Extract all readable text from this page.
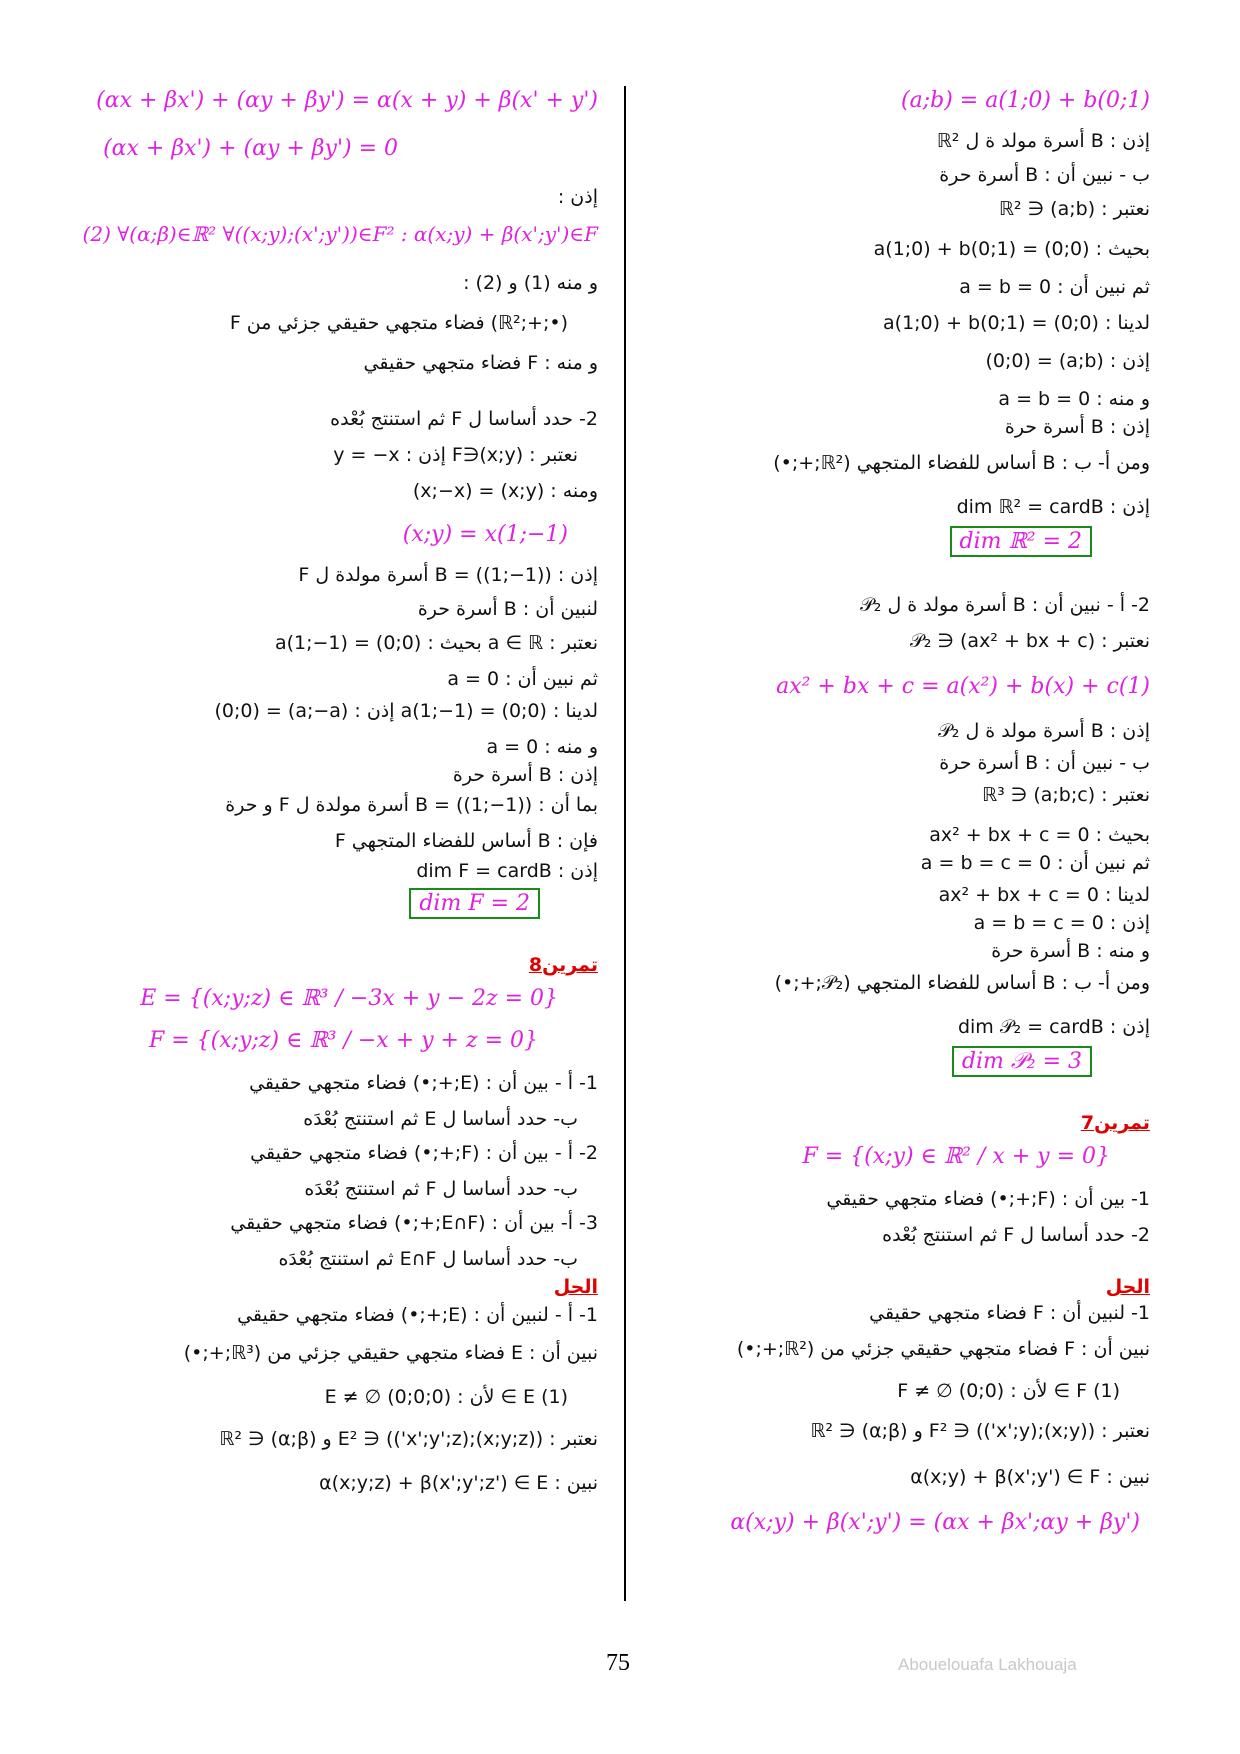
(a;b) = a(1;0) + b(0;1)
إذن : B أسرة مولد ة ل ℝ²
ب - نبين أن : B أسرة حرة
نعتبر : (a;b) ∈ ℝ²
بحيث : a(1;0) + b(0;1) = (0;0)
ثم نبين أن : a = b = 0
لدينا : a(1;0) + b(0;1) = (0;0)
إذن : (a;b) = (0;0)
و منه : a = b = 0
إذن : B أسرة حرة
ومن أ- ب : B أساس للفضاء المتجهي (ℝ²;+;•)
إذن : dim ℝ² = cardB
dim ℝ² = 2
2- أ - نبين أن : B أسرة مولد ة ل 𝒫₂
نعتبر : (ax² + bx + c) ∈ 𝒫₂
ax² + bx + c = a(x²) + b(x) + c(1)
إذن : B أسرة مولد ة ل 𝒫₂
ب - نبين أن : B أسرة حرة
نعتبر : (a;b;c) ∈ ℝ³
بحيث : ax² + bx + c = 0
ثم نبين أن : a = b = c = 0
لدينا : ax² + bx + c = 0
إذن : a = b = c = 0
و منه : B أسرة حرة
ومن أ- ب : B أساس للفضاء المتجهي (𝒫₂;+;•)
إذن : dim 𝒫₂ = cardB
dim 𝒫₂ = 3
تمرين7
F = {(x;y) ∈ ℝ² / x + y = 0}
1- بين أن : (F;+;•) فضاء متجهي حقيقي
2- حدد أساسا ل F ثم استنتج بُعْده
الحل
1- لنبين أن : F فضاء متجهي حقيقي
نبين أن : F فضاء متجهي حقيقي جزئي من (ℝ²;+;•)
F ≠ ∅ لأن : (0;0) ∈ F (1)
نعتبر : ((x;y);(x';y')) ∈ F² و (α;β) ∈ ℝ²
نبين : α(x;y) + β(x';y') ∈ F
α(x;y) + β(x';y') = (αx + βx';αy + βy')
(αx + βx') + (αy + βy') = α(x + y) + β(x' + y')
(αx + βx') + (αy + βy') = 0
إذن :
(2) ∀(α;β)∈ℝ² ∀((x;y);(x';y'))∈F² : α(x;y) + β(x';y')∈F
و منه (1) و (2) :
F فضاء متجهي حقيقي جزئي من (ℝ²;+;•)
و منه : F فضاء متجهي حقيقي
2- حدد أساسا ل F ثم استنتج بُعْده
نعتبر : (x;y)∈F إذن : y = −x
ومنه : (x;y) = (x;−x)
(x;y) = x(1;−1)
إذن : B = ((1;−1)) أسرة مولدة ل F
لنبين أن : B أسرة حرة
نعتبر : a ∈ ℝ بحيث : a(1;−1) = (0;0)
ثم نبين أن : a = 0
لدينا : a(1;−1) = (0;0) إذن : (a;−a) = (0;0)
و منه : a = 0
إذن : B أسرة حرة
بما أن : B = ((1;−1)) أسرة مولدة ل F و حرة
فإن : B أساس للفضاء المتجهي F
إذن : dim F = cardB
dim F = 2
تمرين8
E = {(x;y;z) ∈ ℝ³ / −3x + y − 2z = 0}
F = {(x;y;z) ∈ ℝ³ / −x + y + z = 0}
1- أ - بين أن : (E;+;•) فضاء متجهي حقيقي
ب- حدد أساسا ل E ثم استنتج بُعْدَه
2- أ - بين أن : (F;+;•) فضاء متجهي حقيقي
ب- حدد أساسا ل F ثم استنتج بُعْدَه
3- أ- بين أن : (E∩F;+;•) فضاء متجهي حقيقي
ب- حدد أساسا ل E∩F ثم استنتج بُعْدَه
الحل
1- أ - لنبين أن : (E;+;•) فضاء متجهي حقيقي
نبين أن : E فضاء متجهي حقيقي جزئي من (ℝ³;+;•)
E ≠ ∅ لأن : (0;0;0) ∈ E (1)
نعتبر : ((x;y;z);(x';y';z')) ∈ E² و (α;β) ∈ ℝ²
نبين : α(x;y;z) + β(x';y';z') ∈ E
75	Abouelouafa Lakhouaja
